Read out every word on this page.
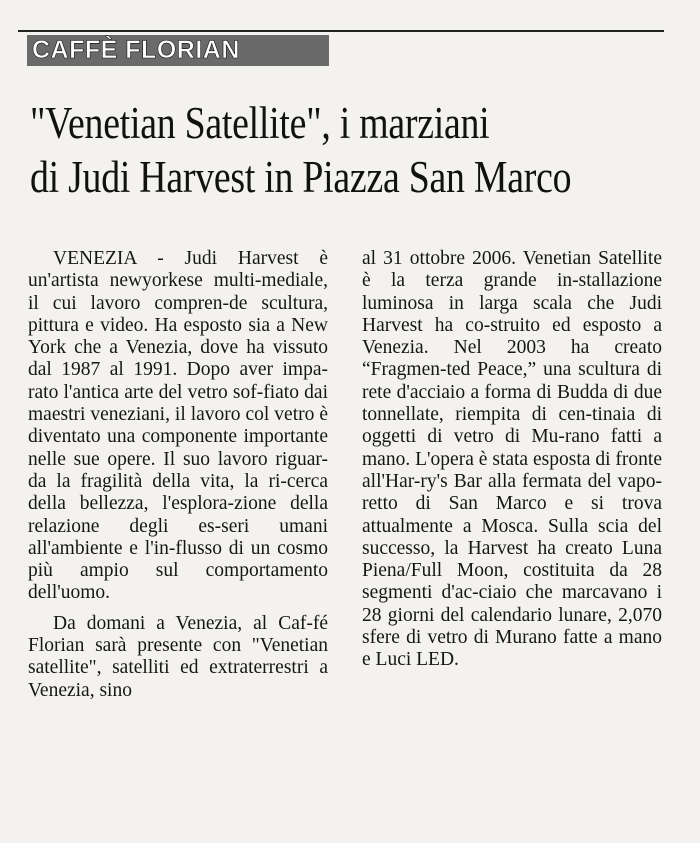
CAFFÈ FLORIAN
"Venetian Satellite", i marziani
di Judi Harvest in Piazza San Marco

VENEZIA - Judi Harvest è un'artista newyorkese multi-mediale, il cui lavoro compren-de scultura, pittura e video. Ha esposto sia a New York che a Venezia, dove ha vissuto dal 1987 al 1991. Dopo aver impa-rato l'antica arte del vetro sof-fiato dai maestri veneziani, il lavoro col vetro è diventato una componente importante nelle sue opere. Il suo lavoro riguar-da la fragilità della vita, la ri-cerca della bellezza, l'esplora-zione della relazione degli es-seri umani all'ambiente e l'in-flusso di un cosmo più ampio sul comportamento dell'uomo.

Da domani a Venezia, al Caf-fé Florian sarà presente con "Venetian satellite", satelliti ed extraterrestri a Venezia, sino

al 31 ottobre 2006. Venetian Satellite è la terza grande in-stallazione luminosa in larga scala che Judi Harvest ha co-struito ed esposto a Venezia. Nel 2003 ha creato “Fragmen-ted Peace,” una scultura di rete d'acciaio a forma di Budda di due tonnellate, riempita di cen-tinaia di oggetti di vetro di Mu-rano fatti a mano. L'opera è stata esposta di fronte all'Har-ry's Bar alla fermata del vapo-retto di San Marco e si trova attualmente a Mosca. Sulla scia del successo, la Harvest ha creato Luna Piena/Full Moon, costituita da 28 segmenti d'ac-ciaio che marcavano i 28 giorni del calendario lunare, 2,070 sfere di vetro di Murano fatte a mano e Luci LED.
